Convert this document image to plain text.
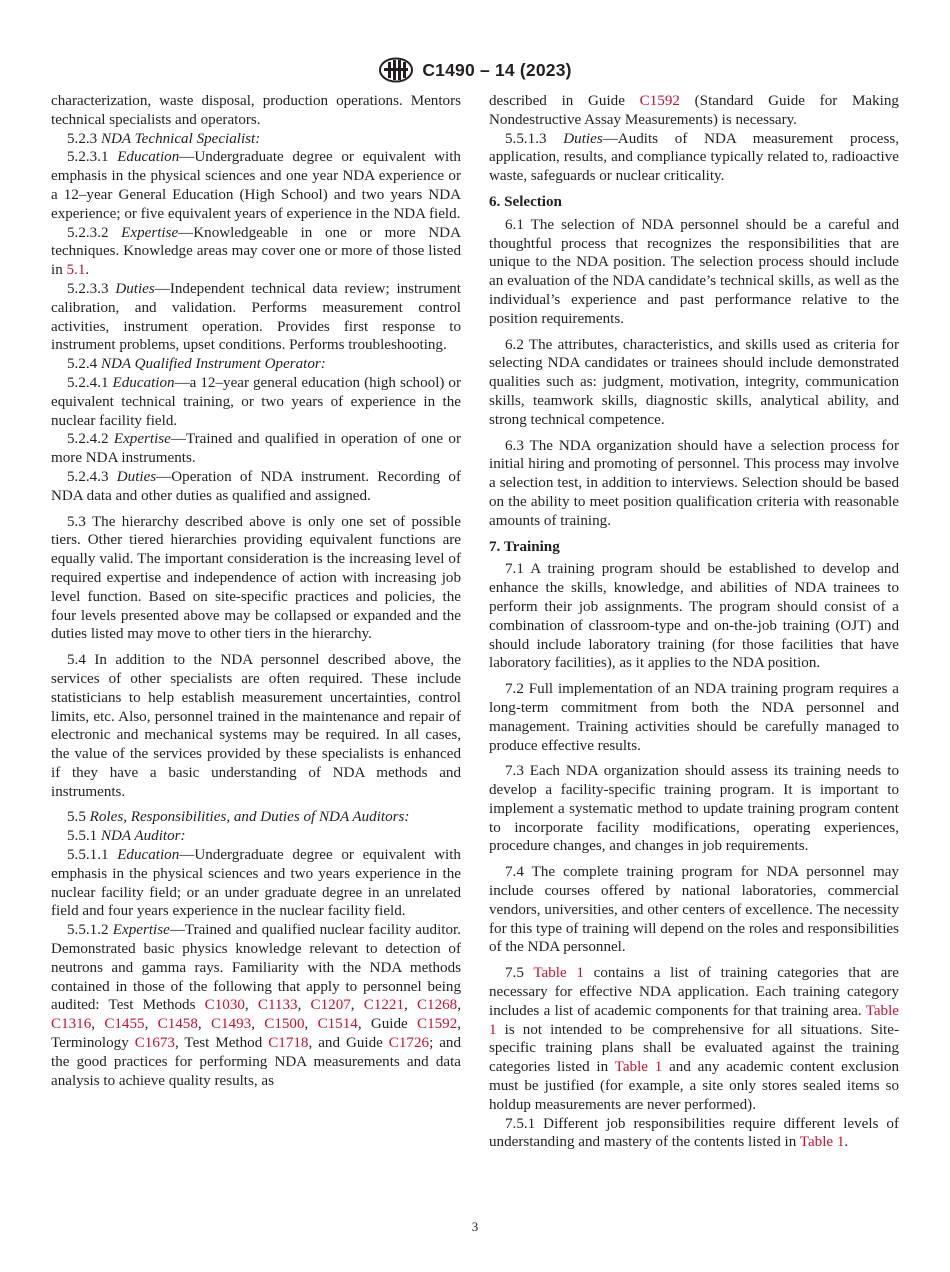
C1490 – 14 (2023)

characterization, waste disposal, production operations. Mentors technical specialists and operators.

5.2.3 NDA Technical Specialist:

5.2.3.1 Education—Undergraduate degree or equivalent with emphasis in the physical sciences and one year NDA experience or a 12–year General Education (High School) and two years NDA experience; or five equivalent years of experience in the NDA field.

5.2.3.2 Expertise—Knowledgeable in one or more NDA techniques. Knowledge areas may cover one or more of those listed in 5.1.

5.2.3.3 Duties—Independent technical data review; instrument calibration, and validation. Performs measurement control activities, instrument operation. Provides first response to instrument problems, upset conditions. Performs troubleshooting.

5.2.4 NDA Qualified Instrument Operator:

5.2.4.1 Education—a 12–year general education (high school) or equivalent technical training, or two years of experience in the nuclear facility field.

5.2.4.2 Expertise—Trained and qualified in operation of one or more NDA instruments.

5.2.4.3 Duties—Operation of NDA instrument. Recording of NDA data and other duties as qualified and assigned.

5.3 The hierarchy described above is only one set of possible tiers. Other tiered hierarchies providing equivalent functions are equally valid. The important consideration is the increasing level of required expertise and independence of action with increasing job level function. Based on site-specific practices and policies, the four levels presented above may be collapsed or expanded and the duties listed may move to other tiers in the hierarchy.

5.4 In addition to the NDA personnel described above, the services of other specialists are often required. These include statisticians to help establish measurement uncertainties, control limits, etc. Also, personnel trained in the maintenance and repair of electronic and mechanical systems may be required. In all cases, the value of the services provided by these specialists is enhanced if they have a basic understanding of NDA methods and instruments.

5.5 Roles, Responsibilities, and Duties of NDA Auditors:

5.5.1 NDA Auditor:

5.5.1.1 Education—Undergraduate degree or equivalent with emphasis in the physical sciences and two years experience in the nuclear facility field; or an under graduate degree in an unrelated field and four years experience in the nuclear facility field.

5.5.1.2 Expertise—Trained and qualified nuclear facility auditor. Demonstrated basic physics knowledge relevant to detection of neutrons and gamma rays. Familiarity with the NDA methods contained in those of the following that apply to personnel being audited: Test Methods C1030, C1133, C1207, C1221, C1268, C1316, C1455, C1458, C1493, C1500, C1514, Guide C1592, Terminology C1673, Test Method C1718, and Guide C1726; and the good practices for performing NDA measurements and data analysis to achieve quality results, as

described in Guide C1592 (Standard Guide for Making Nondestructive Assay Measurements) is necessary.

5.5.1.3 Duties—Audits of NDA measurement process, application, results, and compliance typically related to, radioactive waste, safeguards or nuclear criticality.

6. Selection

6.1 The selection of NDA personnel should be a careful and thoughtful process that recognizes the responsibilities that are unique to the NDA position. The selection process should include an evaluation of the NDA candidate’s technical skills, as well as the individual’s experience and past performance relative to the position requirements.

6.2 The attributes, characteristics, and skills used as criteria for selecting NDA candidates or trainees should include demonstrated qualities such as: judgment, motivation, integrity, communication skills, teamwork skills, diagnostic skills, analytical ability, and strong technical competence.

6.3 The NDA organization should have a selection process for initial hiring and promoting of personnel. This process may involve a selection test, in addition to interviews. Selection should be based on the ability to meet position qualification criteria with reasonable amounts of training.

7. Training

7.1 A training program should be established to develop and enhance the skills, knowledge, and abilities of NDA trainees to perform their job assignments. The program should consist of a combination of classroom-type and on-the-job training (OJT) and should include laboratory training (for those facilities that have laboratory facilities), as it applies to the NDA position.

7.2 Full implementation of an NDA training program requires a long-term commitment from both the NDA personnel and management. Training activities should be carefully managed to produce effective results.

7.3 Each NDA organization should assess its training needs to develop a facility-specific training program. It is important to implement a systematic method to update training program content to incorporate facility modifications, operating experiences, procedure changes, and changes in job requirements.

7.4 The complete training program for NDA personnel may include courses offered by national laboratories, commercial vendors, universities, and other centers of excellence. The necessity for this type of training will depend on the roles and responsibilities of the NDA personnel.

7.5 Table 1 contains a list of training categories that are necessary for effective NDA application. Each training category includes a list of academic components for that training area. Table 1 is not intended to be comprehensive for all situations. Site-specific training plans shall be evaluated against the training categories listed in Table 1 and any academic content exclusion must be justified (for example, a site only stores sealed items so holdup measurements are never performed).

7.5.1 Different job responsibilities require different levels of understanding and mastery of the contents listed in Table 1.

3
